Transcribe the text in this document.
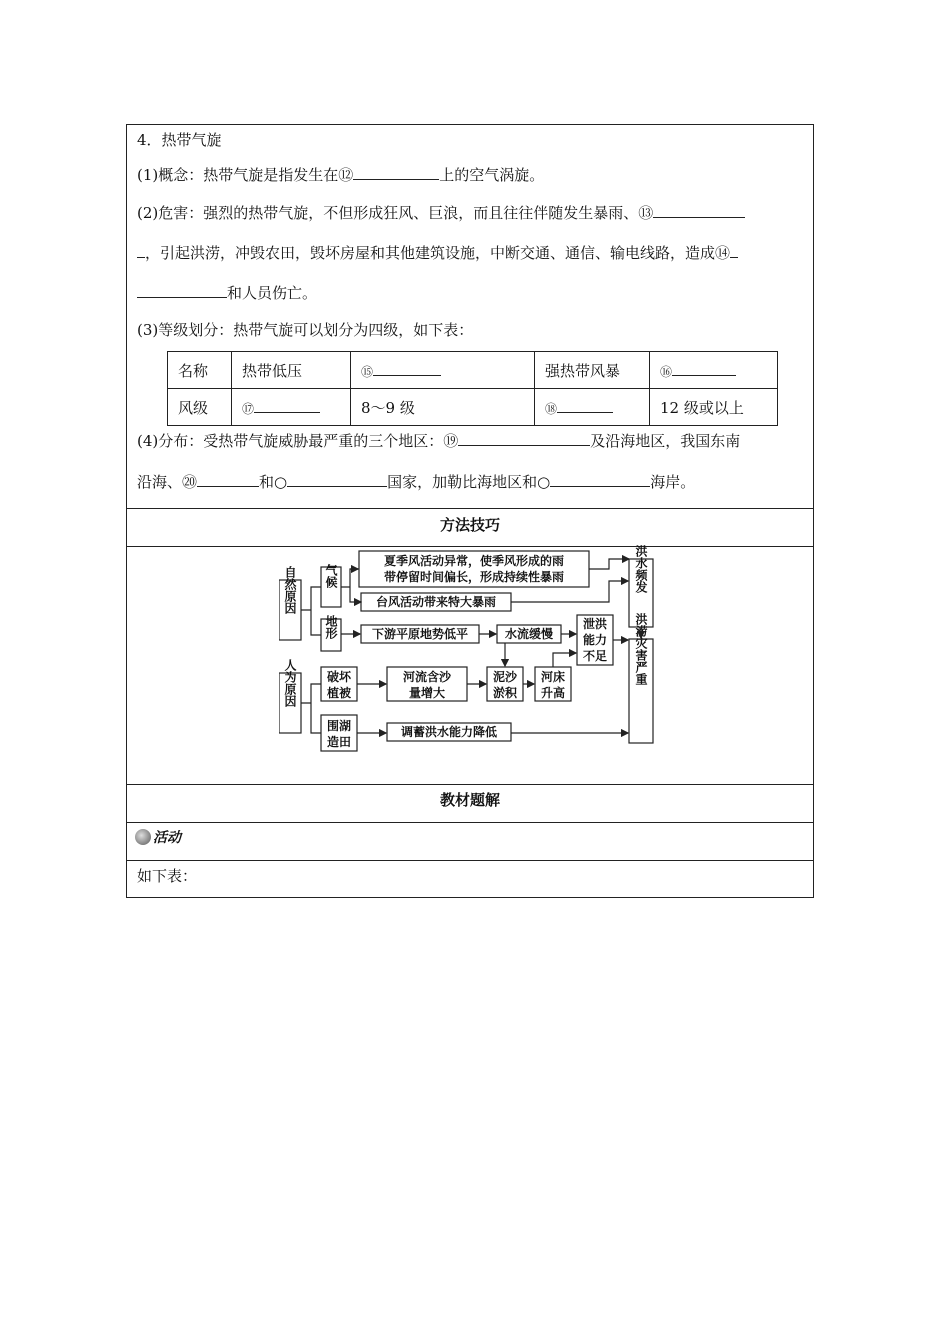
4．热带气旋
(1)概念：热带气旋是指发生在⑫	上的空气涡旋。
(2)危害：强烈的热带气旋，不但形成狂风、巨浪，而且往往伴随发生暴雨、⑬
，引起洪涝，冲毁农田，毁坏房屋和其他建筑设施，中断交通、通信、输电线路，造成⑭
和人员伤亡。
(3)等级划分：热带气旋可以划分为四级，如下表：
名称	热带低压	⑮	强热带风暴	⑯
风级	⑰	8～9 级	⑱	12 级或以上
(4)分布：受热带气旋威胁最严重的三个地区：⑲	及沿海地区，我国东南
沿海、⑳	和○	国家，加勒比海地区和○	海岸。
方法技巧
自然原因 气候
夏季风活动异常，使季风形成的雨
带停留时间偏长，形成持续性暴雨
台风活动带来特大暴雨
地形	下游平原地势低平	水流缓慢
泄洪
能力
不足
洪水频发
洪涝灾害严重
人为原因 破坏
植被
河流含沙
量增大
泥沙
淤积
河床
升高
围湖
造田
调蓄洪水能力降低
教材题解
活动
如下表：
